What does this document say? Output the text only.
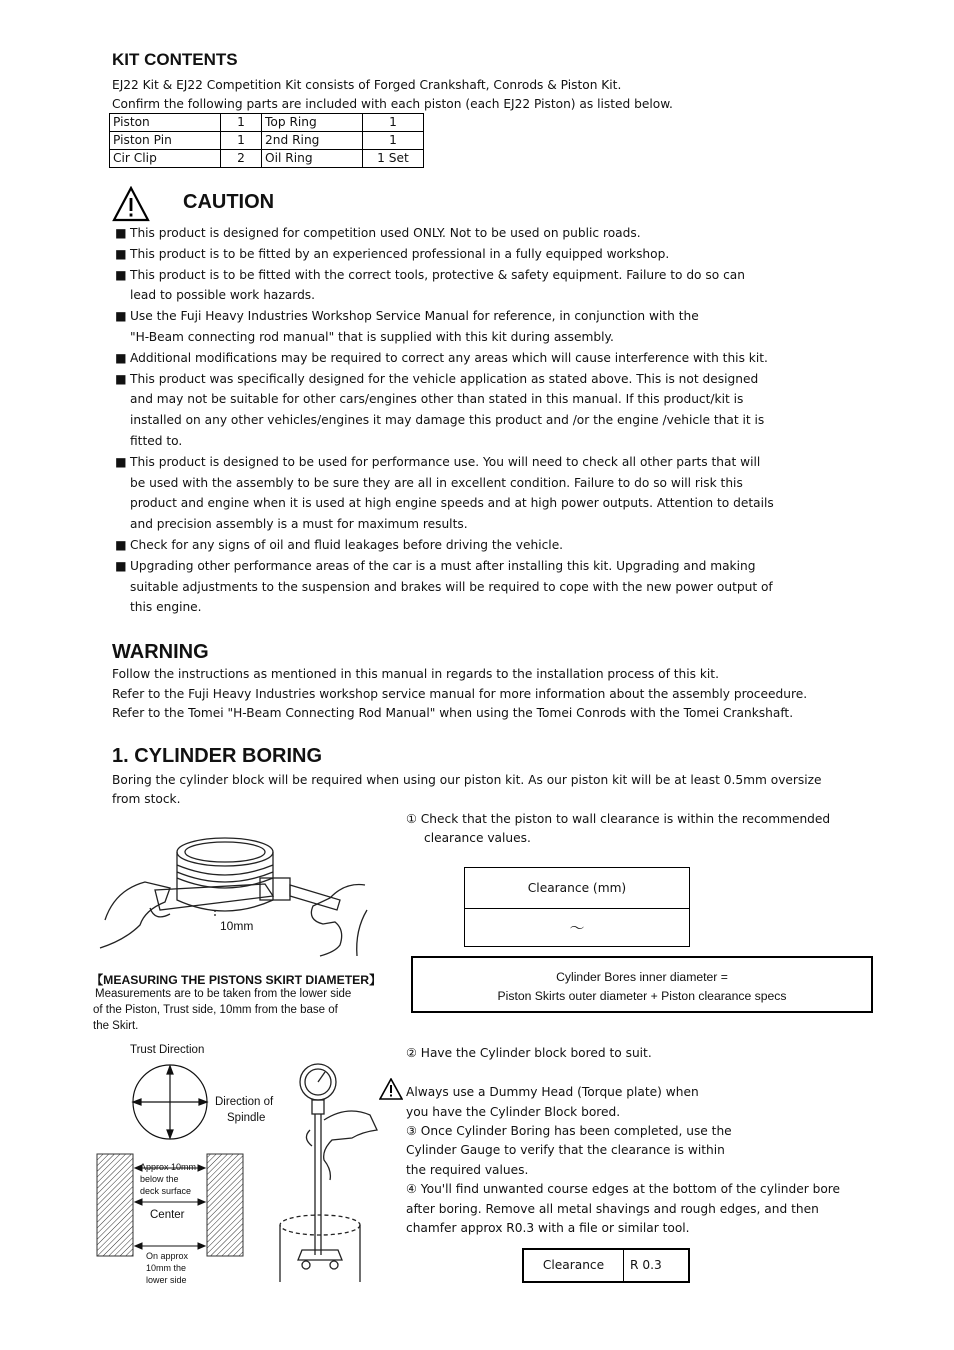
KIT CONTENTS
EJ22 Kit & EJ22 Competition Kit consists of Forged Crankshaft, Conrods & Piston Kit.
Confirm the following parts are included with each piston (each EJ22 Piston) as listed below.
Piston	1	Top Ring	1
Piston Pin	1	2nd Ring	1
Cir Clip	2	Oil Ring	1 Set
CAUTION
■ This product is designed for competition used ONLY. Not to be used on public roads.
■ This product is to be fitted by an experienced professional in a fully equipped workshop.
■ This product is to be fitted with the correct tools, protective & safety equipment. Failure to do so can
lead to possible work hazards.
■ Use the Fuji Heavy Industries Workshop Service Manual for reference, in conjunction with the
"H-Beam connecting rod manual" that is supplied with this kit during assembly.
■ Additional modifications may be required to correct any areas which will cause interference with this kit.
■ This product was specifically designed for the vehicle application as stated above. This is not designed
and may not be suitable for other cars/engines other than stated in this manual. If this product/kit is
installed on any other vehicles/engines it may damage this product and /or the engine /vehicle that it is
fitted to.
■ This product is designed to be used for performance use. You will need to check all other parts that will
be used with the assembly to be sure they are all in excellent condition. Failure to do so will risk this
product and engine when it is used at high engine speeds and at high power outputs. Attention to details
and precision assembly is a must for maximum results.
■ Check for any signs of oil and fluid leakages before driving the vehicle.
■ Upgrading other performance areas of the car is a must after installing this kit. Upgrading and making
suitable adjustments to the suspension and brakes will be required to cope with the new power output of
this engine.
WARNING
Follow the instructions as mentioned in this manual in regards to the installation process of this kit.
Refer to the Fuji Heavy Industries workshop service manual for more information about the assembly proceedure.
Refer to the Tomei "H-Beam Connecting Rod Manual" when using the Tomei Conrods with the Tomei Crankshaft.
1. CYLINDER BORING
Boring the cylinder block will be required when using our piston kit. As our piston kit will be at least 0.5mm oversize
from stock.
① Check that the piston to wall clearance is within the recommended
clearance values.
10mm
Clearance (mm)
～
Cylinder Bores inner diameter =
Piston Skirts outer diameter + Piston clearance specs
【MEASURING THE PISTONS SKIRT DIAMETER】
Measurements are to be taken from the lower side
of the Piston, Trust side, 10mm from the base of
the Skirt.
Trust Direction
Direction of
Spindle
Approx 10mm
below the
deck surface
Center
On approx
10mm the
lower side
② Have the Cylinder block bored to suit.
Always use a Dummy Head (Torque plate) when
you have the Cylinder Block bored.
③ Once Cylinder Boring has been completed, use the
Cylinder Gauge to verify that the clearance is within
the required values.
④ You'll find unwanted course edges at the bottom of the cylinder bore
after boring. Remove all metal shavings and rough edges, and then
chamfer approx R0.3 with a file or similar tool.
Clearance	R 0.3
